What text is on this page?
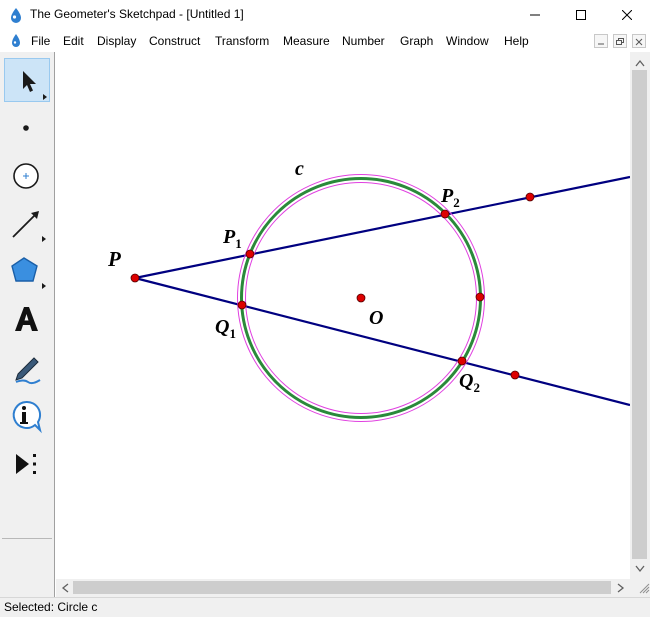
The Geometer's Sketchpad - [Untitled 1]
File Edit Display Construct Transform Measure Number Graph Window Help
c
O
P
$P_1$
$P_2$
$Q_1$
$Q_2$
Selected: Circle c
